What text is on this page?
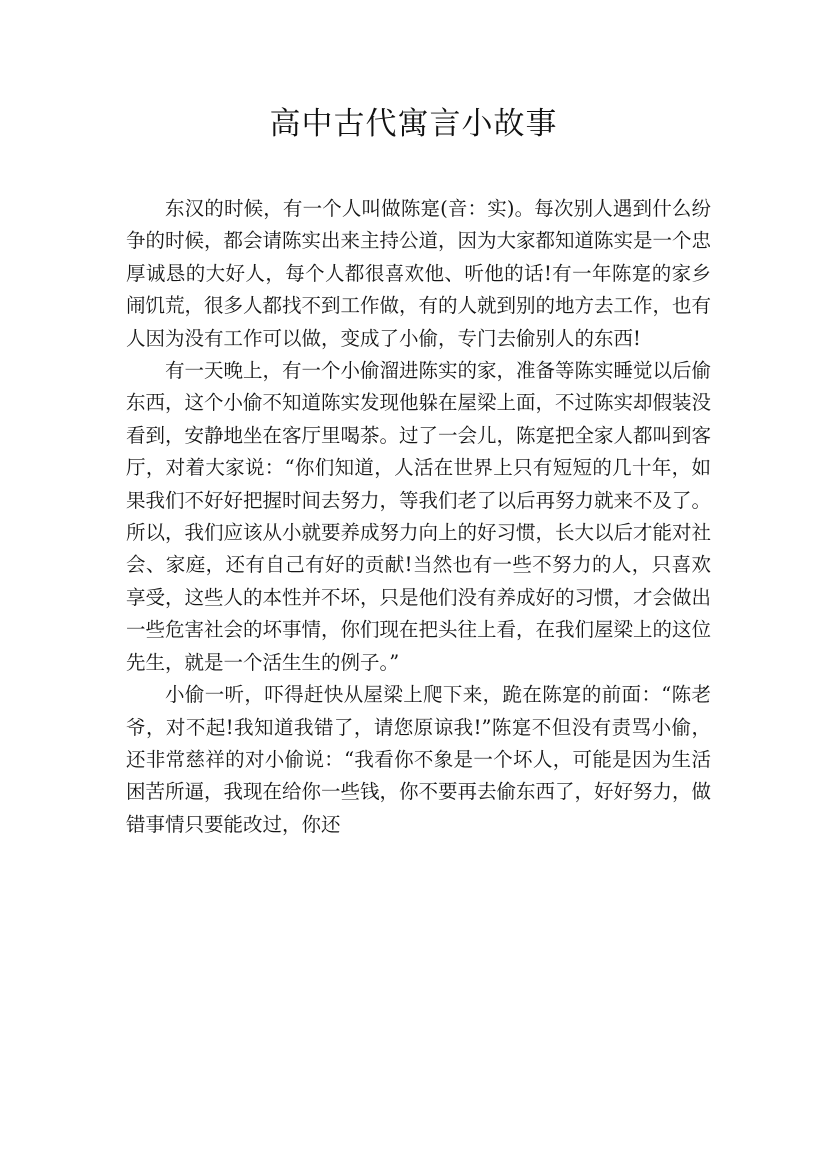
高中古代寓言小故事

东汉的时候，有一个人叫做陈寔(音：实)。每次别人遇到什么纷争的时候，都会请陈实出来主持公道，因为大家都知道陈实是一个忠厚诚恳的大好人，每个人都很喜欢他、听他的话!有一年陈寔的家乡闹饥荒，很多人都找不到工作做，有的人就到别的地方去工作，也有人因为没有工作可以做，变成了小偷，专门去偷别人的东西!

有一天晚上，有一个小偷溜进陈实的家，准备等陈实睡觉以后偷东西，这个小偷不知道陈实发现他躲在屋梁上面，不过陈实却假装没看到，安静地坐在客厅里喝茶。过了一会儿，陈寔把全家人都叫到客厅，对着大家说：“你们知道，人活在世界上只有短短的几十年，如果我们不好好把握时间去努力，等我们老了以后再努力就来不及了。所以，我们应该从小就要养成努力向上的好习惯，长大以后才能对社会、家庭，还有自己有好的贡献!当然也有一些不努力的人，只喜欢享受，这些人的本性并不坏，只是他们没有养成好的习惯，才会做出一些危害社会的坏事情，你们现在把头往上看，在我们屋梁上的这位先生，就是一个活生生的例子。”

小偷一听，吓得赶快从屋梁上爬下来，跪在陈寔的前面：“陈老爷，对不起!我知道我错了，请您原谅我!”陈寔不但没有责骂小偷，还非常慈祥的对小偷说：“我看你不象是一个坏人，可能是因为生活困苦所逼，我现在给你一些钱，你不要再去偷东西了，好好努力，做错事情只要能改过，你还
